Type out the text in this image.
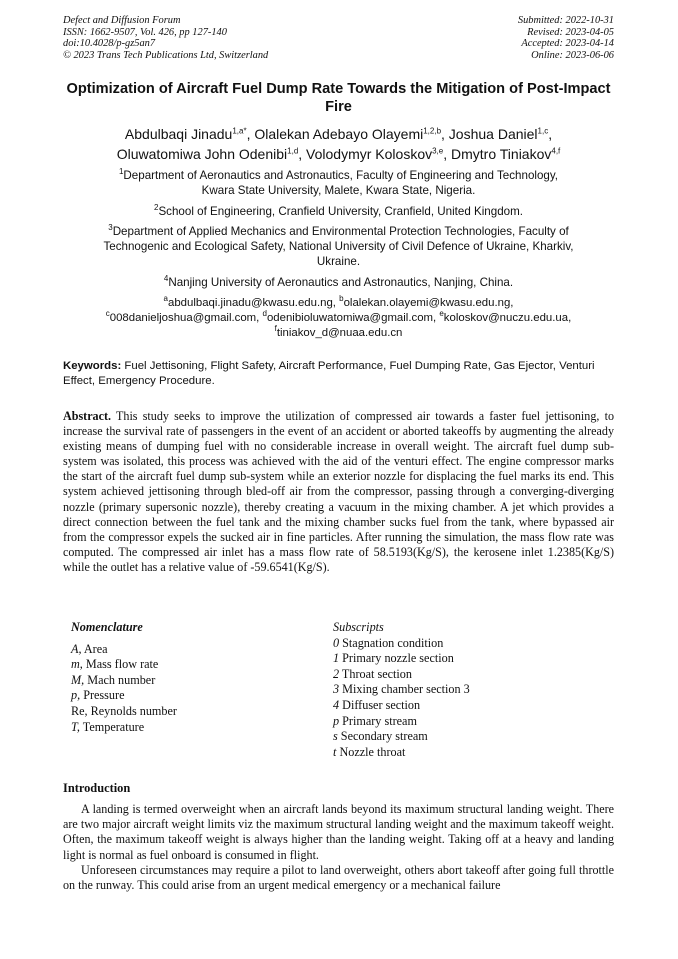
Defect and Diffusion Forum
ISSN: 1662-9507, Vol. 426, pp 127-140
doi:10.4028/p-gz5an7
© 2023 Trans Tech Publications Ltd, Switzerland
Submitted: 2022-10-31
Revised: 2023-04-05
Accepted: 2023-04-14
Online: 2023-06-06
Optimization of Aircraft Fuel Dump Rate Towards the Mitigation of Post-Impact Fire
Abdulbaqi Jinadu$^{1,a*}$, Olalekan Adebayo Olayemi$^{1,2,b}$, Joshua Daniel$^{1,c}$,
Oluwatomiwa John Odenibi$^{1,d}$, Volodymyr Koloskov$^{3,e}$, Dmytro Tiniakov$^{4,f}$
$^1$Department of Aeronautics and Astronautics, Faculty of Engineering and Technology, Kwara State University, Malete, Kwara State, Nigeria.
$^2$School of Engineering, Cranfield University, Cranfield, United Kingdom.
$^3$Department of Applied Mechanics and Environmental Protection Technologies, Faculty of Technogenic and Ecological Safety, National University of Civil Defence of Ukraine, Kharkiv, Ukraine.
$^4$Nanjing University of Aeronautics and Astronautics, Nanjing, China.
$^a$abdulbaqi.jinadu@kwasu.edu.ng, $^b$olalekan.olayemi@kwasu.edu.ng,
$^c$008danieljoshua@gmail.com, $^d$odenibioluwatomiwa@gmail.com, $^e$koloskov@nuczu.edu.ua,
$^f$tiniakov_d@nuaa.edu.cn
Keywords: Fuel Jettisoning, Flight Safety, Aircraft Performance, Fuel Dumping Rate, Gas Ejector, Venturi Effect, Emergency Procedure.
Abstract. This study seeks to improve the utilization of compressed air towards a faster fuel jettisoning, to increase the survival rate of passengers in the event of an accident or aborted takeoffs by augmenting the already existing means of dumping fuel with no considerable increase in overall weight. The aircraft fuel dump sub-system was isolated, this process was achieved with the aid of the venturi effect. The engine compressor marks the start of the aircraft fuel dump sub-system while an exterior nozzle for displacing the fuel marks its end. This system achieved jettisoning through bled-off air from the compressor, passing through a converging-diverging nozzle (primary supersonic nozzle), thereby creating a vacuum in the mixing chamber. A jet which provides a direct connection between the fuel tank and the mixing chamber sucks fuel from the tank, where bypassed air from the compressor expels the sucked air in fine particles. After running the simulation, the mass flow rate was computed. The compressed air inlet has a mass flow rate of 58.5193(Kg/S), the kerosene inlet 1.2385(Kg/S) while the outlet has a relative value of -59.6541(Kg/S).
Nomenclature
A, Area
m, Mass flow rate
M, Mach number
p, Pressure
Re, Reynolds number
T, Temperature
Subscripts
0 Stagnation condition
1 Primary nozzle section
2 Throat section
3 Mixing chamber section 3
4 Diffuser section
p Primary stream
s Secondary stream
t Nozzle throat
Introduction

A landing is termed overweight when an aircraft lands beyond its maximum structural landing weight. There are two major aircraft weight limits viz the maximum structural landing weight and the maximum takeoff weight. Often, the maximum takeoff weight is always higher than the landing weight. Taking off at a heavy and landing light is normal as fuel onboard is consumed in flight.

Unforeseen circumstances may require a pilot to land overweight, others abort takeoff after going full throttle on the runway. This could arise from an urgent medical emergency or a mechanical failure
